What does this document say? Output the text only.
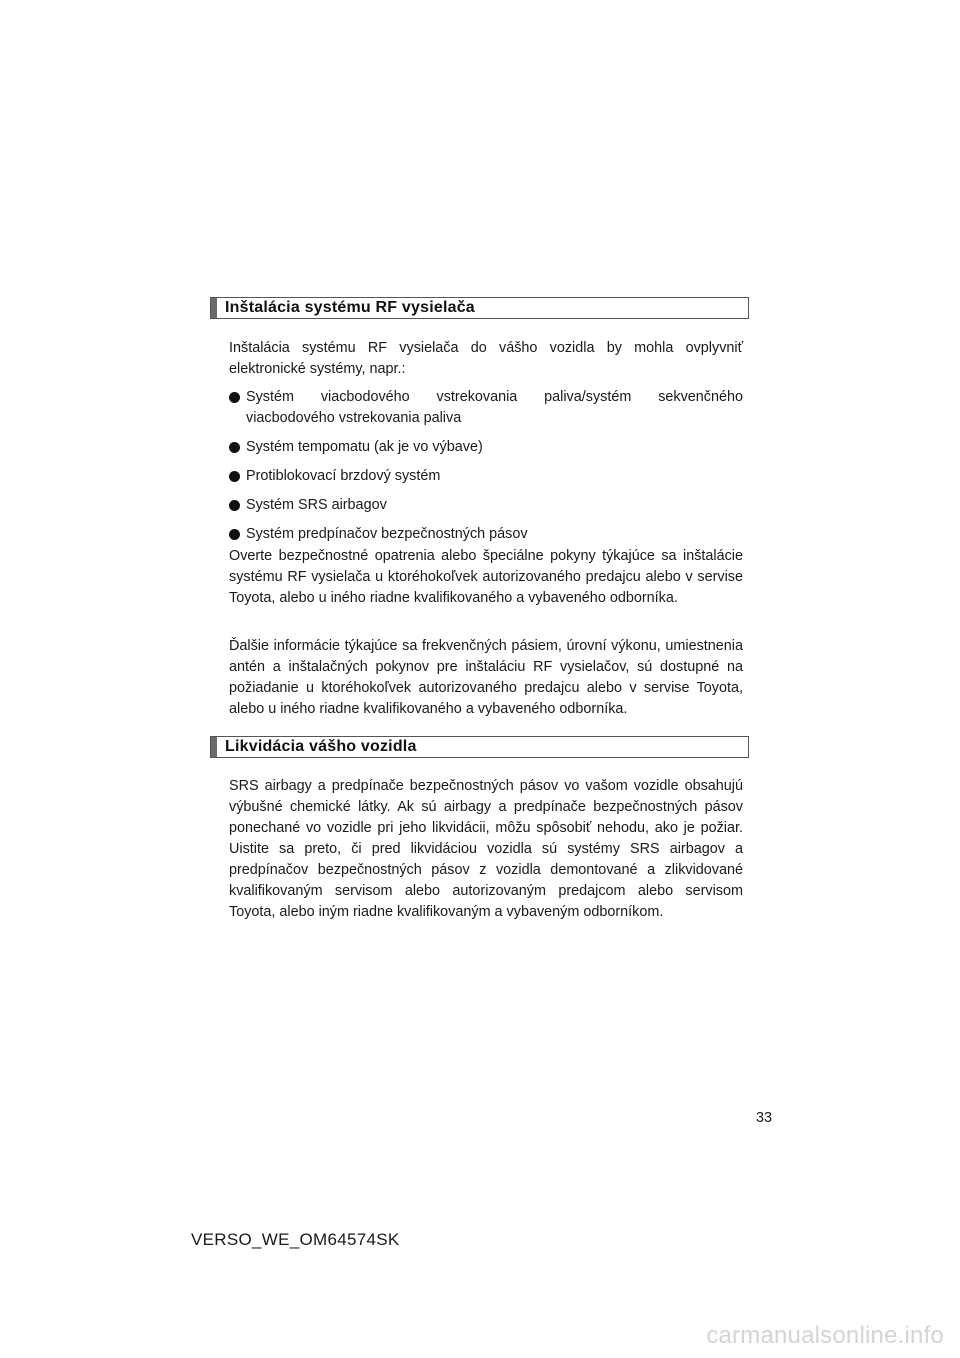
Inštalácia systému RF vysielača

Inštalácia systému RF vysielača do vášho vozidla by mohla ovplyvniť elektronické systémy, napr.:

Systém viacbodového vstrekovania paliva/systém sekvenčného viacbodového vstrekovania paliva
Systém tempomatu (ak je vo výbave)
Protiblokovací brzdový systém
Systém SRS airbagov
Systém predpínačov bezpečnostných pásov

Overte bezpečnostné opatrenia alebo špeciálne pokyny týkajúce sa inštalácie systému RF vysielača u ktoréhokoľvek autorizovaného predajcu alebo v servise Toyota, alebo u iného riadne kvalifikovaného a vybaveného odborníka.

Ďalšie informácie týkajúce sa frekvenčných pásiem, úrovní výkonu, umiestnenia antén a inštalačných pokynov pre inštaláciu RF vysielačov, sú dostupné na požiadanie u ktoréhokoľvek autorizovaného predajcu alebo v servise Toyota, alebo u iného riadne kvalifikovaného a vybaveného odborníka.

Likvidácia vášho vozidla

SRS airbagy a predpínače bezpečnostných pásov vo vašom vozidle obsahujú výbušné chemické látky. Ak sú airbagy a predpínače bezpečnostných pásov ponechané vo vozidle pri jeho likvidácii, môžu spôsobiť nehodu, ako je požiar. Uistite sa preto, či pred likvidáciou vozidla sú systémy SRS airbagov a predpínačov bezpečnostných pásov z vozidla demontované a zlikvidované kvalifikovaným servisom alebo autorizovaným predajcom alebo servisom Toyota, alebo iným riadne kvalifikovaným a vybaveným odborníkom.

33
VERSO_WE_OM64574SK
carmanualsonline.info
